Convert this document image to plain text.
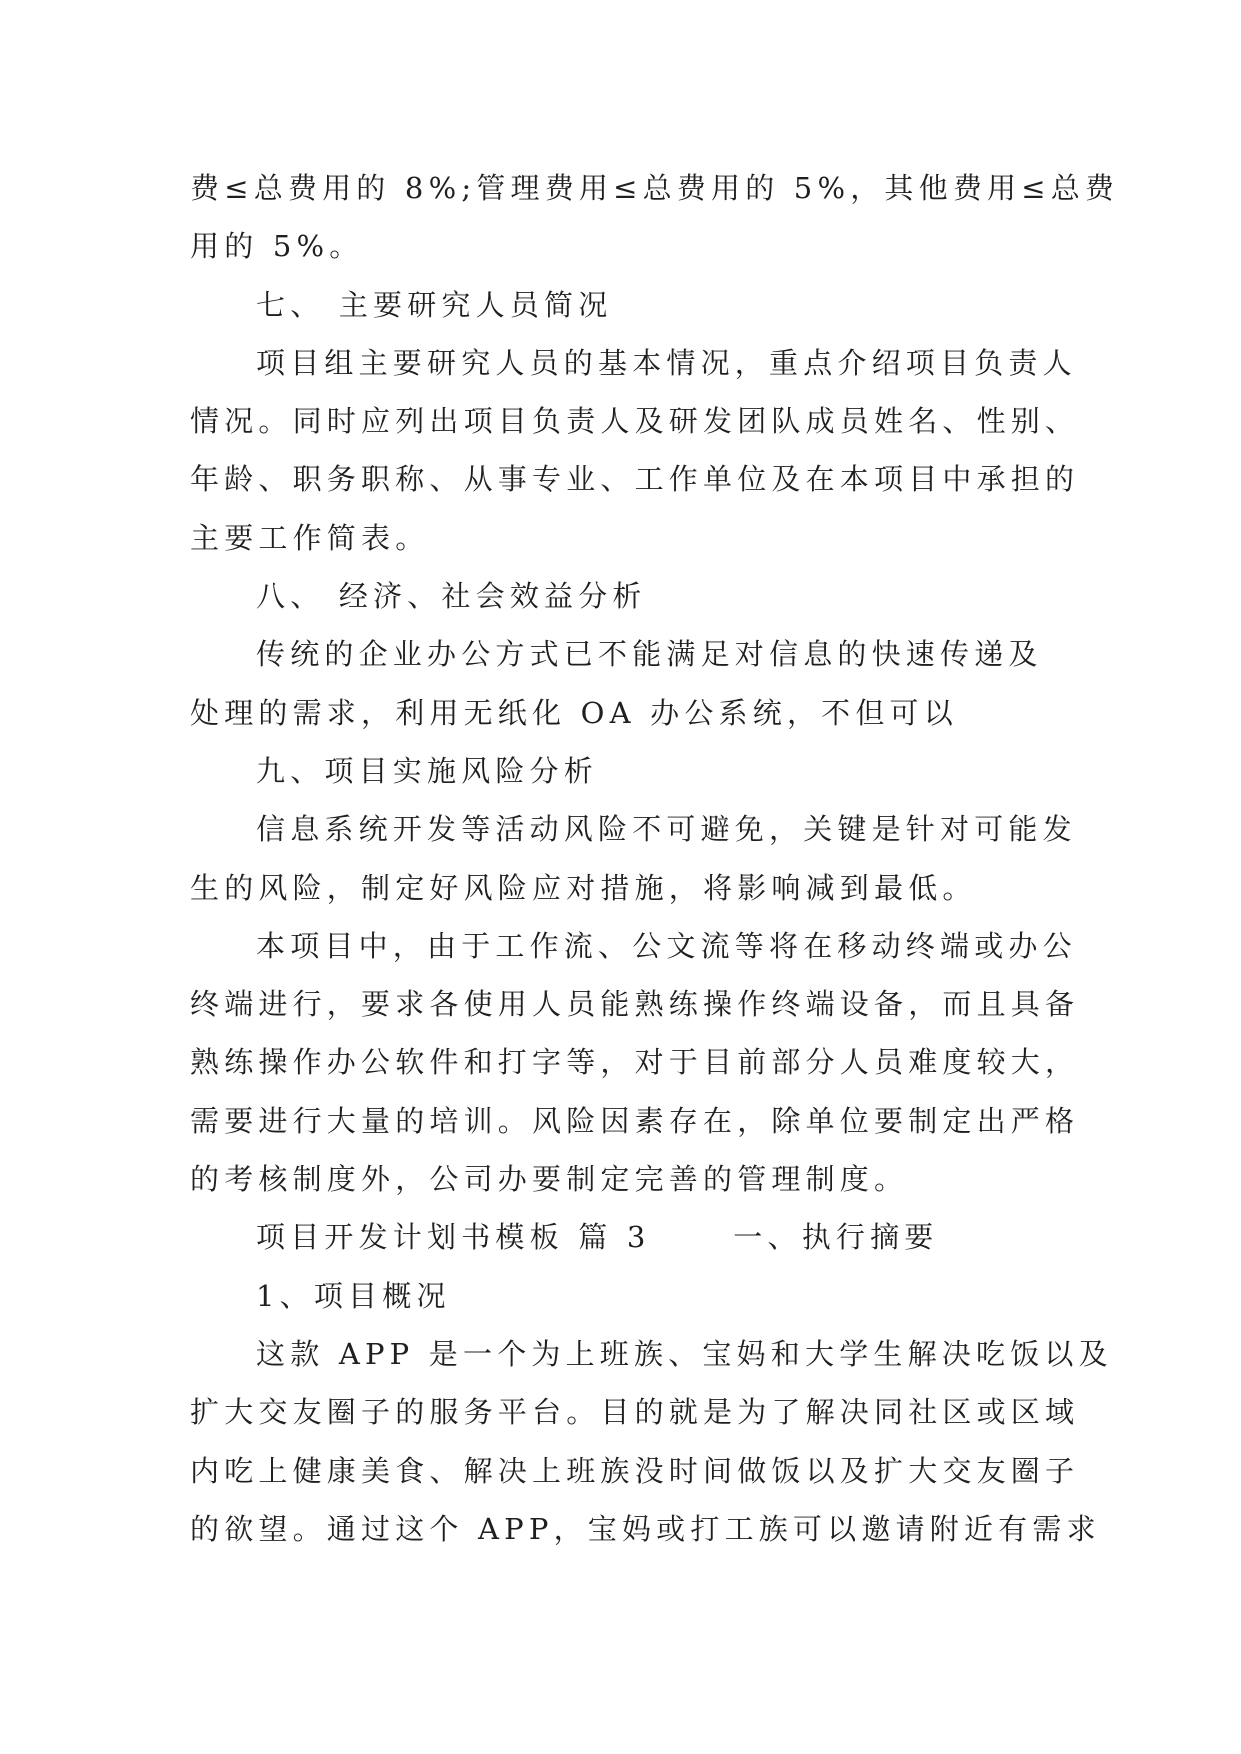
费≤总费用的 8%;管理费用≤总费用的 5%，其他费用≤总费
用的 5%。
七、 主要研究人员简况
项目组主要研究人员的基本情况，重点介绍项目负责人
情况。同时应列出项目负责人及研发团队成员姓名、性别、
年龄、职务职称、从事专业、工作单位及在本项目中承担的
主要工作简表。
八、 经济、社会效益分析
传统的企业办公方式已不能满足对信息的快速传递及
处理的需求，利用无纸化 OA 办公系统，不但可以
九、项目实施风险分析
信息系统开发等活动风险不可避免，关键是针对可能发
生的风险，制定好风险应对措施，将影响减到最低。
本项目中，由于工作流、公文流等将在移动终端或办公
终端进行，要求各使用人员能熟练操作终端设备，而且具备
熟练操作办公软件和打字等，对于目前部分人员难度较大，
需要进行大量的培训。风险因素存在，除单位要制定出严格
的考核制度外，公司办要制定完善的管理制度。
项目开发计划书模板 篇 3 　　一、执行摘要
1、项目概况
这款 APP 是一个为上班族、宝妈和大学生解决吃饭以及
扩大交友圈子的服务平台。目的就是为了解决同社区或区域
内吃上健康美食、解决上班族没时间做饭以及扩大交友圈子
的欲望。通过这个 APP，宝妈或打工族可以邀请附近有需求
